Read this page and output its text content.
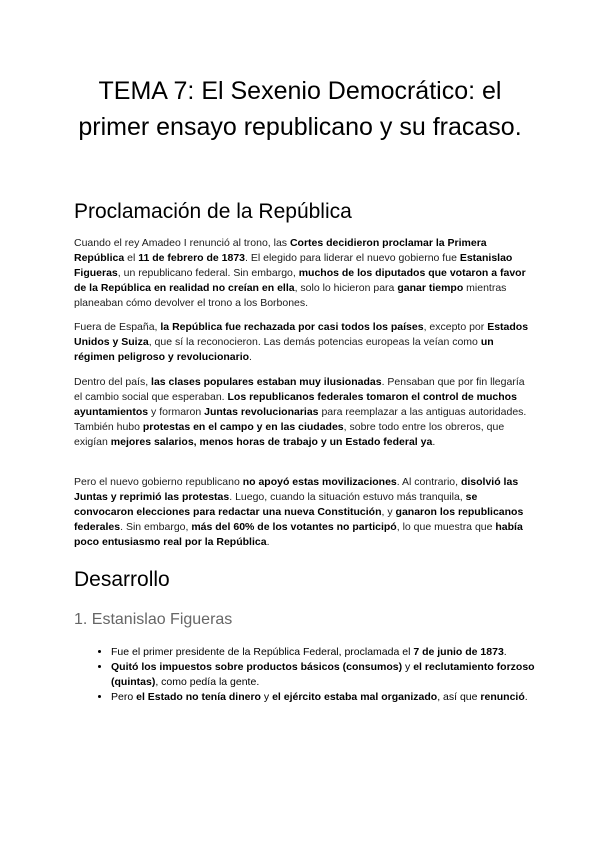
TEMA 7: El Sexenio Democrático: el primer ensayo republicano y su fracaso.
Proclamación de la República

Cuando el rey Amadeo I renunció al trono, las Cortes decidieron proclamar la Primera República el 11 de febrero de 1873. El elegido para liderar el nuevo gobierno fue Estanislao Figueras, un republicano federal. Sin embargo, muchos de los diputados que votaron a favor de la República en realidad no creían en ella, solo lo hicieron para ganar tiempo mientras planeaban cómo devolver el trono a los Borbones.

Fuera de España, la República fue rechazada por casi todos los países, excepto por Estados Unidos y Suiza, que sí la reconocieron. Las demás potencias europeas la veían como un régimen peligroso y revolucionario.

Dentro del país, las clases populares estaban muy ilusionadas. Pensaban que por fin llegaría el cambio social que esperaban. Los republicanos federales tomaron el control de muchos ayuntamientos y formaron Juntas revolucionarias para reemplazar a las antiguas autoridades. También hubo protestas en el campo y en las ciudades, sobre todo entre los obreros, que exigían mejores salarios, menos horas de trabajo y un Estado federal ya.

Pero el nuevo gobierno republicano no apoyó estas movilizaciones. Al contrario, disolvió las Juntas y reprimió las protestas. Luego, cuando la situación estuvo más tranquila, se convocaron elecciones para redactar una nueva Constitución, y ganaron los republicanos federales. Sin embargo, más del 60% de los votantes no participó, lo que muestra que había poco entusiasmo real por la República.

Desarrollo
1. Estanislao Figueras
• Fue el primer presidente de la República Federal, proclamada el 7 de junio de 1873.
• Quitó los impuestos sobre productos básicos (consumos) y el reclutamiento forzoso (quintas), como pedía la gente.
• Pero el Estado no tenía dinero y el ejército estaba mal organizado, así que renunció.
